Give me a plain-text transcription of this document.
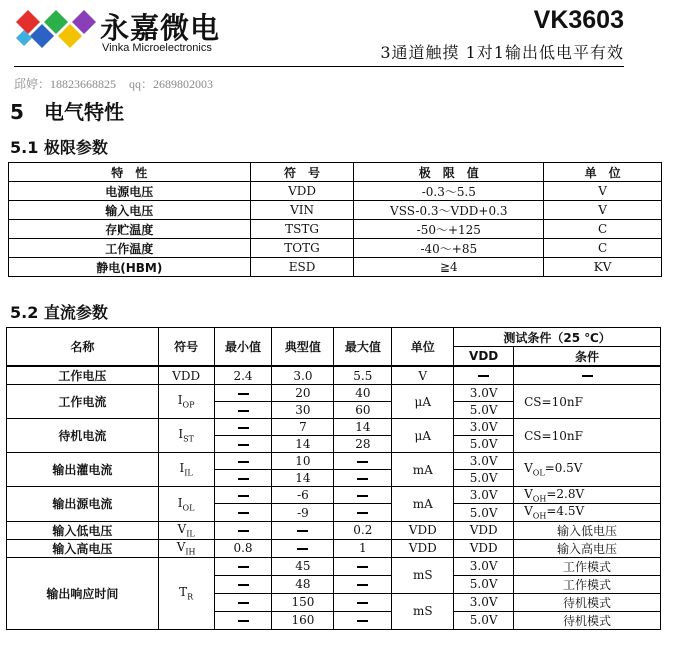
永嘉微电
Vinka Microelectronics
VK3603
3通道触摸 1对1输出低电平有效
邱婷：18823668825 qq：2689802003
5 电气特性
5.1 极限参数
特　性	符　号	极　限　值	单　位
电源电压	VDD	-0.3～5.5	V
输入电压	VIN	VSS-0.3～VDD+0.3	V
存贮温度	TSTG	-50～+125	C
工作温度	TOTG	-40～+85	C
静电(HBM)	ESD	≧4	KV
5.2 直流参数
名称	符号	最小值	典型值	最大值	单位	测试条件（25 ℃）	
						VDD	条件
工作电压	VDD	2.4	3.0	5.5	V		
工作电流	$I_{OP}$		20	40	μA	3.0V	CS=10nF
			30	60		5.0V	
待机电流	$I_{ST}$		7	14	μA	3.0V	CS=10nF
			14	28		5.0V	
输出灌电流	$I_{IL}$		10		mA	3.0V	$V_{OL}=0.5V$
			14			5.0V	
输出源电流	$I_{OL}$		-6		mA	3.0V	$V_{OH}=2.8V$
			-9			5.0V	$V_{OH}=4.5V$
输入低电压	$V_{IL}$			0.2	VDD	VDD	输入低电压
输入高电压	$V_{IH}$	0.8		1	VDD	VDD	输入高电压
输出响应时间	$T_R$		45		mS	3.0V	工作模式
			48			5.0V	工作模式
			150		mS	3.0V	待机模式
			160			5.0V	待机模式
